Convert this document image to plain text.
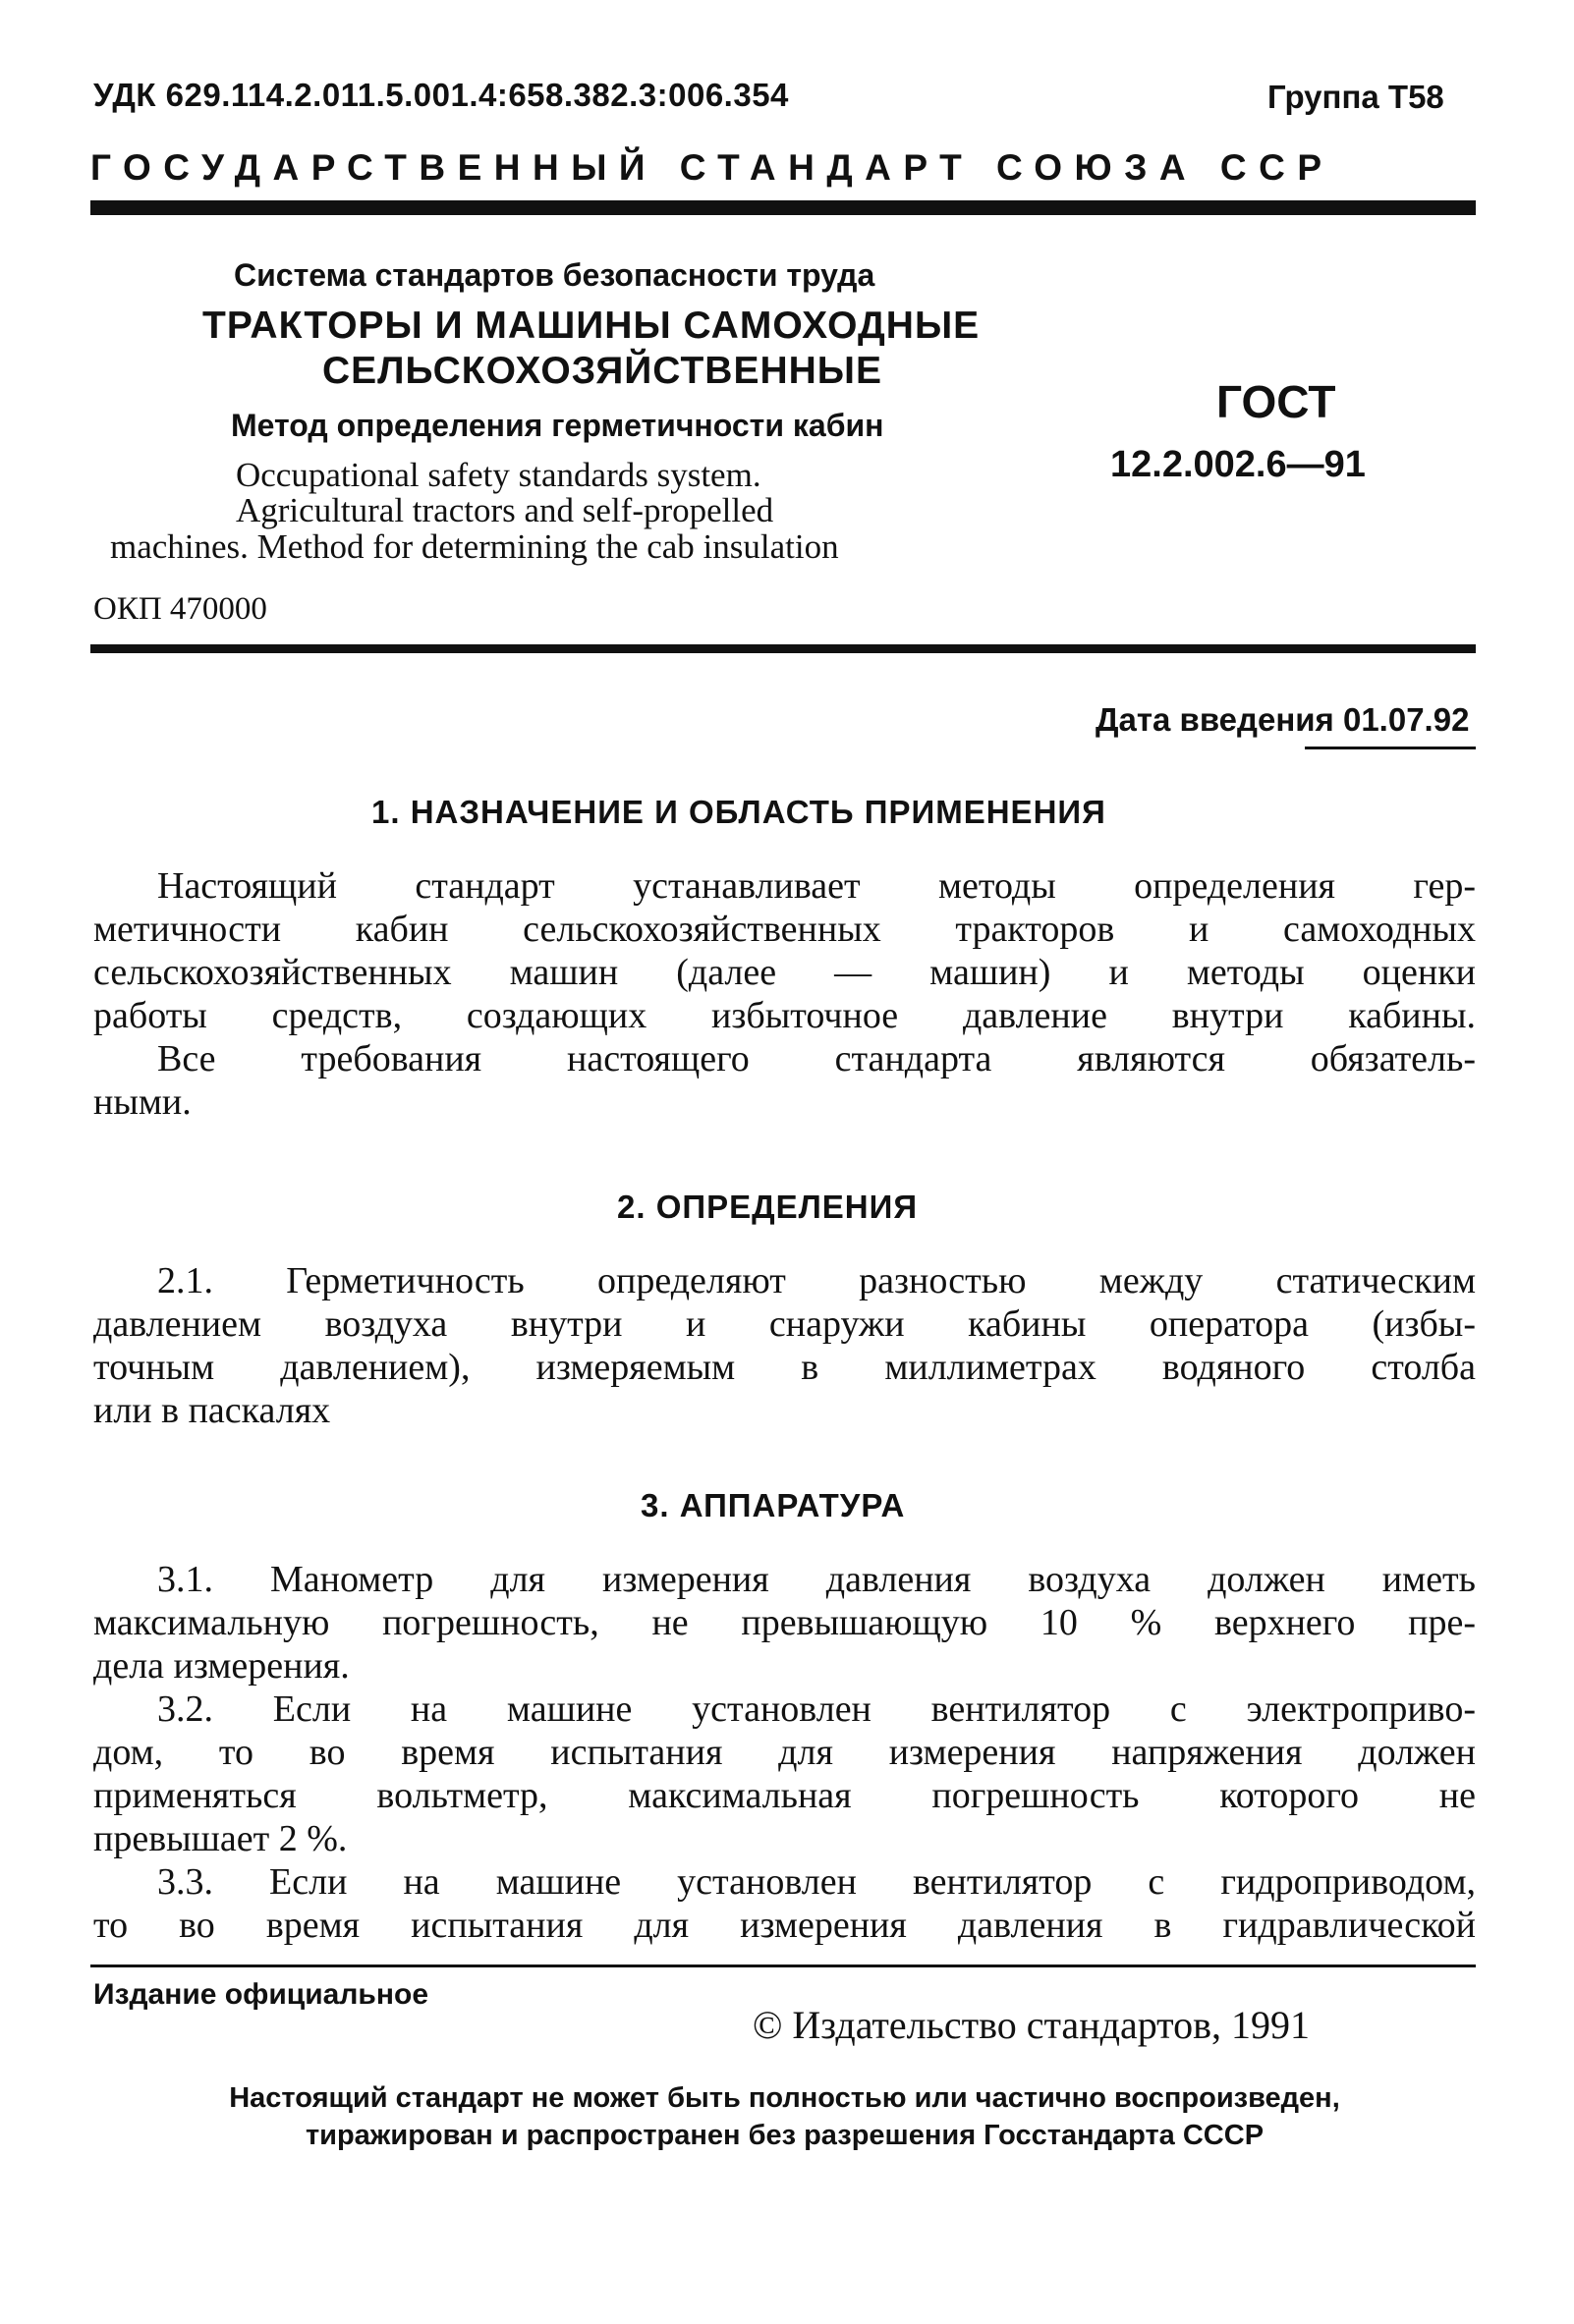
УДК 629.114.2.011.5.001.4:658.382.3:006.354	Группа Т58
ГОСУДАРСТВЕННЫЙ СТАНДАРТ СОЮЗА ССР
Система стандартов безопасности труда
ТРАКТОРЫ И МАШИНЫ САМОХОДНЫЕ
СЕЛЬСКОХОЗЯЙСТВЕННЫЕ
Метод определения герметичности кабин
Occupational safety standards system.
Agricultural tractors and self-propelled
machines. Method for determining the cab insulation
ГОСТ
12.2.002.6—91
ОКП 470000
Дата введения 01.07.92
1. НАЗНАЧЕНИЕ И ОБЛАСТЬ ПРИМЕНЕНИЯ
Настоящий стандарт устанавливает методы определения гер-
метичности кабин сельскохозяйственных тракторов и самоходных
сельскохозяйственных машин (далее — машин) и методы оценки
работы средств, создающих избыточное давление внутри кабины.
Все требования настоящего стандарта являются обязатель-
ными.
2. ОПРЕДЕЛЕНИЯ
2.1. Герметичность определяют разностью между статическим
давлением воздуха внутри и снаружи кабины оператора (избы-
точным давлением), измеряемым в миллиметрах водяного столба
или в паскалях
3. АППАРАТУРА
3.1. Манометр для измерения давления воздуха должен иметь
максимальную погрешность, не превышающую 10 % верхнего пре-
дела измерения.
3.2. Если на машине установлен вентилятор с электроприво-
дом, то во время испытания для измерения напряжения должен
применяться вольтметр, максимальная погрешность которого не
превышает 2 %.
3.3. Если на машине установлен вентилятор с гидроприводом,
то во время испытания для измерения давления в гидравлической
Издание официальное
© Издательство стандартов, 1991
Настоящий стандарт не может быть полностью или частично воспроизведен,
тиражирован и распространен без разрешения Госстандарта СССР
